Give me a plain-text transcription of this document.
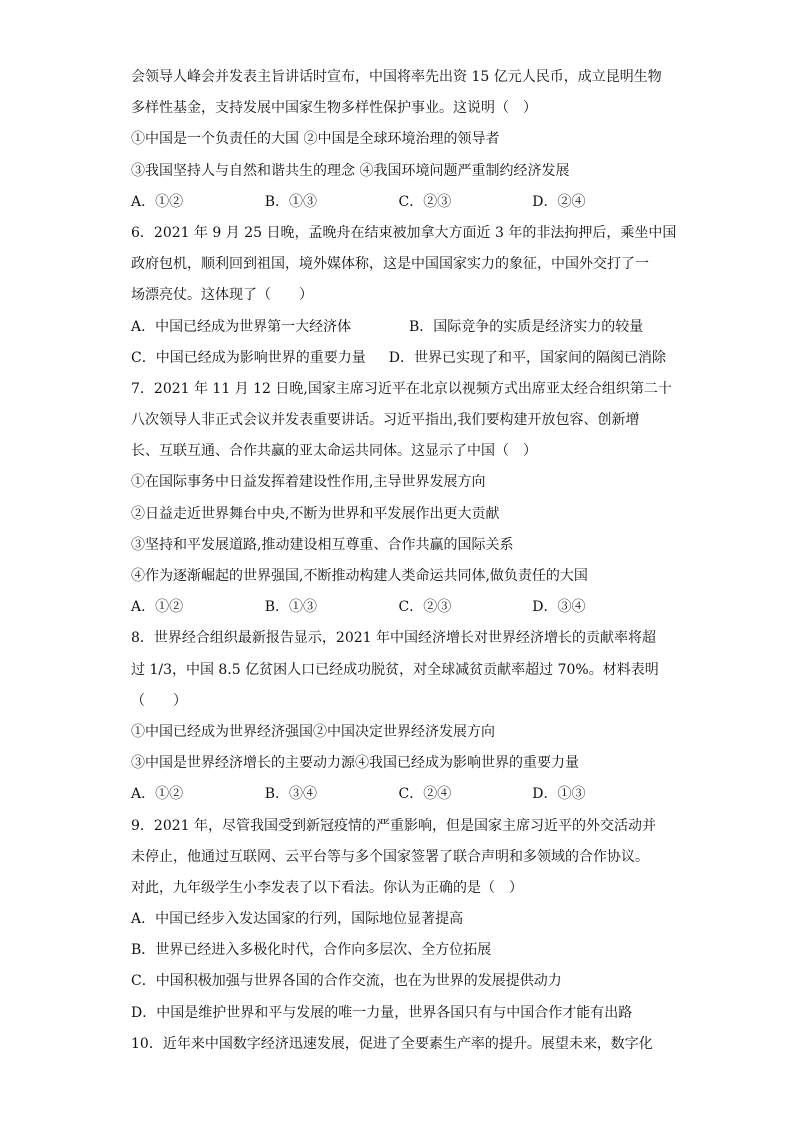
会领导人峰会并发表主旨讲话时宣布，中国将率先出资 15 亿元人民币，成立昆明生物
多样性基金，支持发展中国家生物多样性保护事业。这说明（　）
①中国是一个负责任的大国 ②中国是全球环境治理的领导者
③我国坚持人与自然和谐共生的理念 ④我国环境问题严重制约经济发展
A．①②	B．①③	C．②③	D．②④
6．2021 年 9 月 25 日晚，孟晚舟在结束被加拿大方面近 3 年的非法拘押后，乘坐中国
政府包机，顺利回到祖国，境外媒体称，这是中国国家实力的象征，中国外交打了一
场漂亮仗。这体现了（　　）
A．中国已经成为世界第一大经济体	B．国际竞争的实质是经济实力的较量
C．中国已经成为影响世界的重要力量	D．世界已实现了和平，国家间的隔阂已消除
7．2021 年 11 月 12 日晚,国家主席习近平在北京以视频方式出席亚太经合组织第二十
八次领导人非正式会议并发表重要讲话。习近平指出,我们要构建开放包容、创新增
长、互联互通、合作共赢的亚太命运共同体。这显示了中国（　）
①在国际事务中日益发挥着建设性作用,主导世界发展方向
②日益走近世界舞台中央,不断为世界和平发展作出更大贡献
③坚持和平发展道路,推动建设相互尊重、合作共赢的国际关系
④作为逐渐崛起的世界强国,不断推动构建人类命运共同体,做负责任的大国
A．①②	B．①③	C．②③	D．③④
8．世界经合组织最新报告显示，2021 年中国经济增长对世界经济增长的贡献率将超
过 1/3，中国 8.5 亿贫困人口已经成功脱贫，对全球减贫贡献率超过 70%。材料表明
（　　）
①中国已经成为世界经济强国②中国决定世界经济发展方向
③中国是世界经济增长的主要动力源④我国已经成为影响世界的重要力量
A．①②	B．③④	C．②④	D．①③
9．2021 年，尽管我国受到新冠疫情的严重影响，但是国家主席习近平的外交活动并
未停止，他通过互联网、云平台等与多个国家签署了联合声明和多领域的合作协议。
对此，九年级学生小李发表了以下看法。你认为正确的是（　）
A．中国已经步入发达国家的行列，国际地位显著提高
B．世界已经进入多极化时代，合作向多层次、全方位拓展
C．中国积极加强与世界各国的合作交流，也在为世界的发展提供动力
D．中国是维护世界和平与发展的唯一力量，世界各国只有与中国合作才能有出路
10．近年来中国数字经济迅速发展，促进了全要素生产率的提升。展望未来，数字化
